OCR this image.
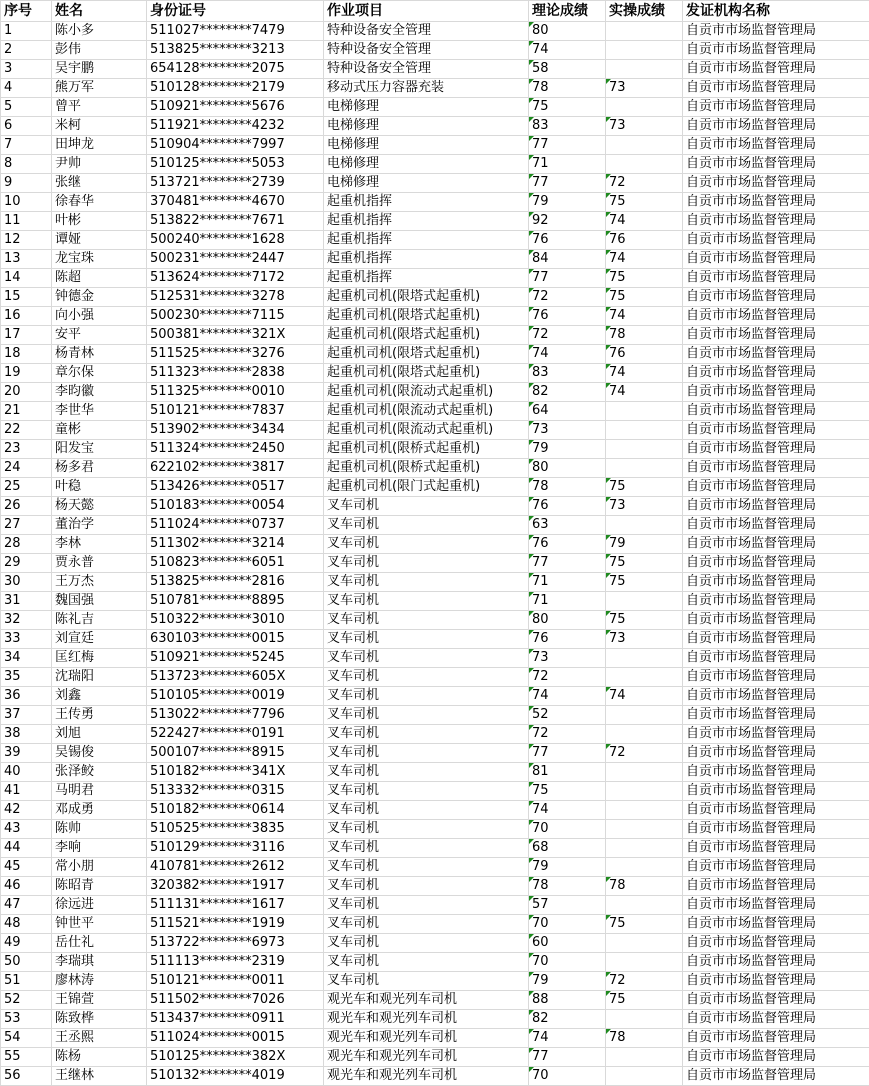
序号	姓名	身份证号	作业项目	理论成绩	实操成绩	发证机构名称
1	陈小多	511027********7479	特种设备安全管理	80		自贡市市场监督管理局
2	彭伟	513825********3213	特种设备安全管理	74		自贡市市场监督管理局
3	吴宇鹏	654128********2075	特种设备安全管理	58		自贡市市场监督管理局
4	熊万军	510128********2179	移动式压力容器充装	78	73	自贡市市场监督管理局
5	曾平	510921********5676	电梯修理	75		自贡市市场监督管理局
6	米柯	511921********4232	电梯修理	83	73	自贡市市场监督管理局
7	田坤龙	510904********7997	电梯修理	77		自贡市市场监督管理局
8	尹帅	510125********5053	电梯修理	71		自贡市市场监督管理局
9	张继	513721********2739	电梯修理	77	72	自贡市市场监督管理局
10	徐春华	370481********4670	起重机指挥	79	75	自贡市市场监督管理局
11	叶彬	513822********7671	起重机指挥	92	74	自贡市市场监督管理局
12	谭娅	500240********1628	起重机指挥	76	76	自贡市市场监督管理局
13	龙宝珠	500231********2447	起重机指挥	84	74	自贡市市场监督管理局
14	陈超	513624********7172	起重机指挥	77	75	自贡市市场监督管理局
15	钟德金	512531********3278	起重机司机(限塔式起重机)	72	75	自贡市市场监督管理局
16	向小强	500230********7115	起重机司机(限塔式起重机)	76	74	自贡市市场监督管理局
17	安平	500381********321X	起重机司机(限塔式起重机)	72	78	自贡市市场监督管理局
18	杨青林	511525********3276	起重机司机(限塔式起重机)	74	76	自贡市市场监督管理局
19	章尔保	511323********2838	起重机司机(限塔式起重机)	83	74	自贡市市场监督管理局
20	李昀徽	511325********0010	起重机司机(限流动式起重机)	82	74	自贡市市场监督管理局
21	李世华	510121********7837	起重机司机(限流动式起重机)	64		自贡市市场监督管理局
22	童彬	513902********3434	起重机司机(限流动式起重机)	73		自贡市市场监督管理局
23	阳发宝	511324********2450	起重机司机(限桥式起重机)	79		自贡市市场监督管理局
24	杨多君	622102********3817	起重机司机(限桥式起重机)	80		自贡市市场监督管理局
25	叶稳	513426********0517	起重机司机(限门式起重机)	78	75	自贡市市场监督管理局
26	杨天懿	510183********0054	叉车司机	76	73	自贡市市场监督管理局
27	董治学	511024********0737	叉车司机	63		自贡市市场监督管理局
28	李林	511302********3214	叉车司机	76	79	自贡市市场监督管理局
29	贾永普	510823********6051	叉车司机	77	75	自贡市市场监督管理局
30	王万杰	513825********2816	叉车司机	71	75	自贡市市场监督管理局
31	魏国强	510781********8895	叉车司机	71		自贡市市场监督管理局
32	陈礼吉	510322********3010	叉车司机	80	75	自贡市市场监督管理局
33	刘宣廷	630103********0015	叉车司机	76	73	自贡市市场监督管理局
34	匡红梅	510921********5245	叉车司机	73		自贡市市场监督管理局
35	沈瑞阳	513723********605X	叉车司机	72		自贡市市场监督管理局
36	刘鑫	510105********0019	叉车司机	74	74	自贡市市场监督管理局
37	王传勇	513022********7796	叉车司机	52		自贡市市场监督管理局
38	刘旭	522427********0191	叉车司机	72		自贡市市场监督管理局
39	吴锡俊	500107********8915	叉车司机	77	72	自贡市市场监督管理局
40	张泽鲛	510182********341X	叉车司机	81		自贡市市场监督管理局
41	马明君	513332********0315	叉车司机	75		自贡市市场监督管理局
42	邓成勇	510182********0614	叉车司机	74		自贡市市场监督管理局
43	陈帅	510525********3835	叉车司机	70		自贡市市场监督管理局
44	李响	510129********3116	叉车司机	68		自贡市市场监督管理局
45	常小朋	410781********2612	叉车司机	79		自贡市市场监督管理局
46	陈昭青	320382********1917	叉车司机	78	78	自贡市市场监督管理局
47	徐远进	511131********1617	叉车司机	57		自贡市市场监督管理局
48	钟世平	511521********1919	叉车司机	70	75	自贡市市场监督管理局
49	岳仕礼	513722********6973	叉车司机	60		自贡市市场监督管理局
50	李瑞琪	511113********2319	叉车司机	70		自贡市市场监督管理局
51	廖林涛	510121********0011	叉车司机	79	72	自贡市市场监督管理局
52	王锦萱	511502********7026	观光车和观光列车司机	88	75	自贡市市场监督管理局
53	陈致桦	513437********0911	观光车和观光列车司机	82		自贡市市场监督管理局
54	王丞熙	511024********0015	观光车和观光列车司机	74	78	自贡市市场监督管理局
55	陈杨	510125********382X	观光车和观光列车司机	77		自贡市市场监督管理局
56	王继林	510132********4019	观光车和观光列车司机	70		自贡市市场监督管理局
